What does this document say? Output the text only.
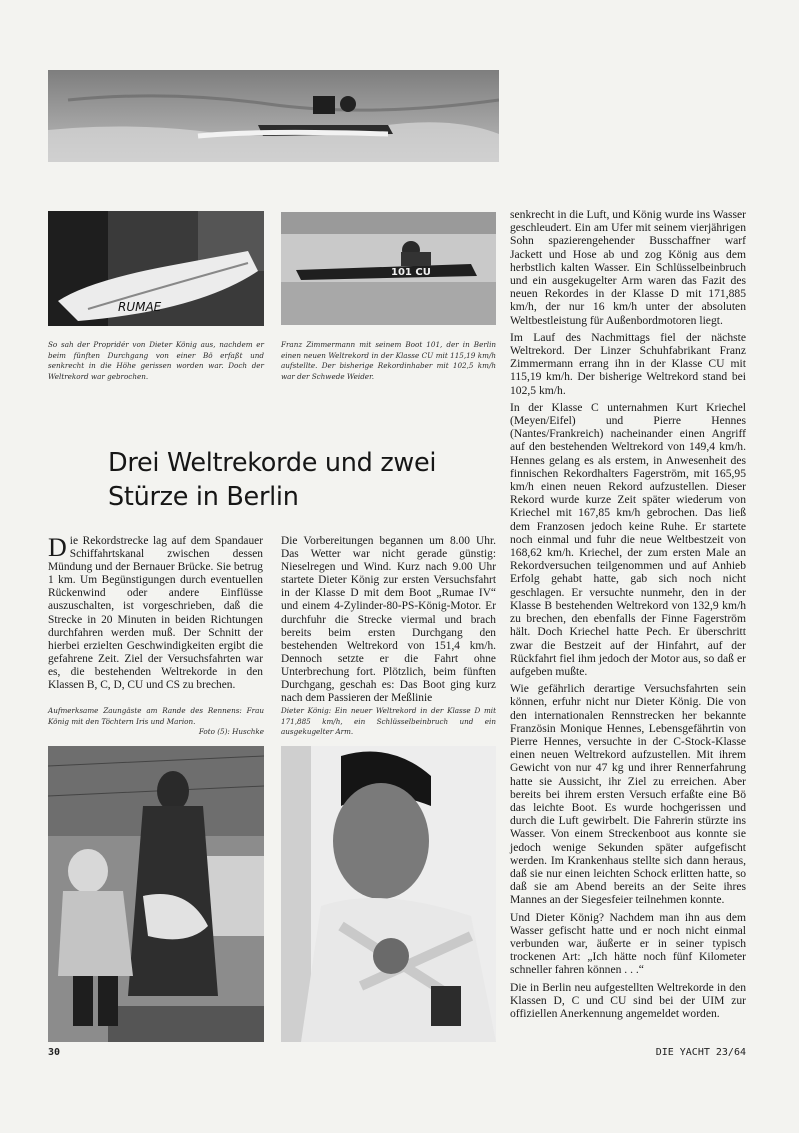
RUMAE
101 CU
So sah der Propridér von Dieter König aus, nachdem er beim fünften Durchgang von einer Bö erfaßt und senkrecht in die Höhe gerissen worden war. Doch der Weltrekord war gebrochen.
Franz Zimmermann mit seinem Boot 101, der in Berlin einen neuen Weltrekord in der Klasse CU mit 115,19 km/h aufstellte. Der bisherige Rekordinhaber mit 102,5 km/h war der Schwede Weider.
Drei Weltrekorde und zwei Stürze in Berlin

Die Rekordstrecke lag auf dem Spandauer Schiffahrtskanal zwischen dessen Mündung und der Bernauer Brücke. Sie betrug 1 km. Um Begünstigungen durch eventuellen Rückenwind oder andere Einflüsse auszuschalten, ist vorgeschrieben, daß die Strecke in 20 Minuten in beiden Richtungen durchfahren werden muß. Der Schnitt der hierbei erzielten Geschwindigkeiten ergibt die gefahrene Zeit. Ziel der Versuchsfahrten war es, die bestehenden Weltrekorde in den Klassen B, C, D, CU und CS zu brechen.

Die Vorbereitungen begannen um 8.00 Uhr. Das Wetter war nicht gerade günstig: Nieselregen und Wind. Kurz nach 9.00 Uhr startete Dieter König zur ersten Versuchsfahrt in der Klasse D mit dem Boot „Rumae IV“ und einem 4-Zylinder-80-PS-König-Motor. Er durchfuhr die Strecke viermal und brach bereits beim ersten Durchgang den bestehenden Weltrekord von 151,4 km/h. Dennoch setzte er die Fahrt ohne Unterbrechung fort. Plötzlich, beim fünften Durchgang, geschah es: Das Boot ging kurz nach dem Passieren der Meßlinie

Aufmerksame Zaungäste am Rande des Rennens: Frau König mit den Töchtern Iris und Marion.
Foto (5): Huschke
Dieter König: Ein neuer Weltrekord in der Klasse D mit 171,885 km/h, ein Schlüsselbeinbruch und ein ausgekugelter Arm.

senkrecht in die Luft, und König wurde ins Wasser geschleudert. Ein am Ufer mit seinem vierjährigen Sohn spazierengehender Busschaffner warf Jackett und Hose ab und zog König aus dem herbstlich kalten Wasser. Ein Schlüsselbeinbruch und ein ausgekugelter Arm waren das Fazit des neuen Rekordes in der Klasse D mit 171,885 km/h, der nur 16 km/h unter der absoluten Weltbestleistung für Außenbordmotoren liegt.

Im Lauf des Nachmittags fiel der nächste Weltrekord. Der Linzer Schuhfabrikant Franz Zimmermann errang ihn in der Klasse CU mit 115,19 km/h. Der bisherige Weltrekord stand bei 102,5 km/h.

In der Klasse C unternahmen Kurt Kriechel (Meyen/Eifel) und Pierre Hennes (Nantes/Frankreich) nacheinander einen Angriff auf den bestehenden Weltrekord von 149,4 km/h. Hennes gelang es als erstem, in Anwesenheit des finnischen Rekordhalters Fagerström, mit 165,95 km/h einen neuen Rekord aufzustellen. Dieser Rekord wurde kurze Zeit später wiederum von Kriechel mit 167,85 km/h gebrochen. Das ließ dem Franzosen jedoch keine Ruhe. Er startete noch einmal und fuhr die neue Weltbestzeit von 168,62 km/h. Kriechel, der zum ersten Male an Rekordversuchen teilgenommen und auf Anhieb Erfolg gehabt hatte, gab sich noch nicht geschlagen. Er versuchte nunmehr, den in der Klasse B bestehenden Weltrekord von 132,9 km/h zu brechen, den ebenfalls der Finne Fagerström hält. Doch Kriechel hatte Pech. Er überschritt zwar die Bestzeit auf der Hinfahrt, auf der Rückfahrt fiel ihm jedoch der Motor aus, so daß er aufgeben mußte.

Wie gefährlich derartige Versuchsfahrten sein können, erfuhr nicht nur Dieter König. Die von den internationalen Rennstrecken her bekannte Französin Monique Hennes, Lebensgefährtin von Pierre Hennes, versuchte in der C-Stock-Klasse einen neuen Weltrekord aufzustellen. Mit ihrem Gewicht von nur 47 kg und ihrer Rennerfahrung hatte sie Aussicht, ihr Ziel zu erreichen. Aber bereits bei ihrem ersten Versuch erfaßte eine Bö das leichte Boot. Es wurde hochgerissen und durch die Luft gewirbelt. Die Fahrerin stürzte ins Wasser. Von einem Streckenboot aus konnte sie jedoch wenige Sekunden später aufgefischt werden. Im Krankenhaus stellte sich dann heraus, daß sie nur einen leichten Schock erlitten hatte, so daß sie am Abend bereits an der Seite ihres Mannes an der Siegesfeier teilnehmen konnte.

Und Dieter König? Nachdem man ihn aus dem Wasser gefischt hatte und er noch nicht einmal verbunden war, äußerte er in seiner typisch trockenen Art: „Ich hätte noch fünf Kilometer schneller fahren können . . .“

Die in Berlin neu aufgestellten Weltrekorde in den Klassen D, C und CU sind bei der UIM zur offiziellen Anerkennung angemeldet worden.

30	DIE YACHT 23/64
